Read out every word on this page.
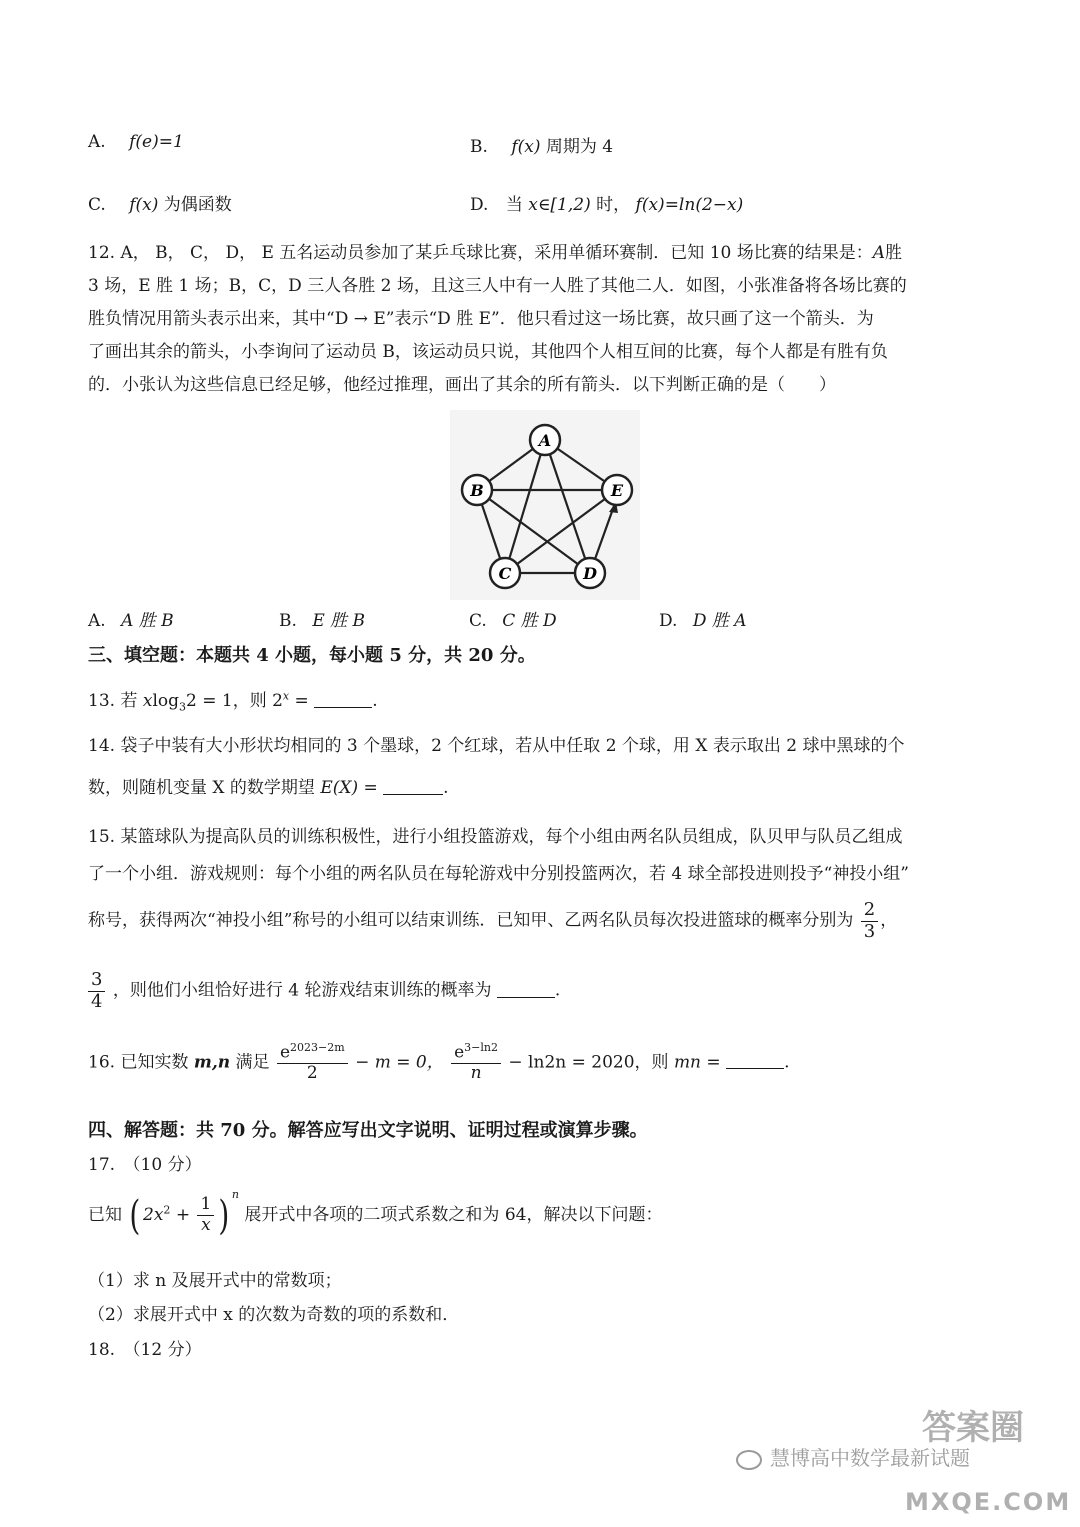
A. f(e)=1	B. f(x) 周期为 4
C. f(x) 为偶函数	D. 当 x∈[1,2) 时， f(x)=ln(2−x)
12. A， B， C， D， E 五名运动员参加了某乒乓球比赛，采用单循环赛制．已知 10 场比赛的结果是：A胜
3 场，E 胜 1 场；B，C，D 三人各胜 2 场，且这三人中有一人胜了其他二人．如图，小张准备将各场比赛的
胜负情况用箭头表示出来，其中“D → E”表示“D 胜 E”．他只看过这一场比赛，故只画了这一个箭头．为
了画出其余的箭头，小李询问了运动员 B，该运动员只说，其他四个人相互间的比赛，每个人都是有胜有负
的．小张认为这些信息已经足够，他经过推理，画出了其余的所有箭头．以下判断正确的是（　　）
A
B	E
C	D
A. A 胜 B	B. E 胜 B	C. C 胜 D	D. D 胜 A
三、填空题：本题共 4 小题，每小题 5 分，共 20 分。
13. 若 xlog$_3$2 = 1，则 $2^x$ =	.
14. 袋子中装有大小形状均相同的 3 个墨球，2 个红球，若从中任取 2 个球，用 X 表示取出 2 球中黑球的个
数，则随机变量 X 的数学期望 E(X) =	.
15. 某篮球队为提高队员的训练积极性，进行小组投篮游戏，每个小组由两名队员组成，队贝甲与队员乙组成
了一个小组．游戏规则：每个小组的两名队员在每轮游戏中分别投篮两次，若 4 球全部投进则投予“神投小组”
称号，获得两次“神投小组”称号的小组可以结束训练．已知甲、乙两名队员每次投进篮球的概率分别为 $\frac{2}{3}$ ，
$\frac{3}{4}$ ，则他们小组恰好进行 4 轮游戏结束训练的概率为	.
16. 已知实数 m,n 满足 $\frac{e^{2023-2m}}{2} - m = 0$， $\frac{e^{3-ln2}}{n} - \ln 2n = 2020$，则 mn =	.
四、解答题：共 70 分。解答应写出文字说明、证明过程或演算步骤。
17.　（10 分）
已知 ( $2x^2 + \frac{1}{x}$ ) $^n$ 展开式中各项的二项式系数之和为 64，解决以下问题：
（1）求 n 及展开式中的常数项；
（2）求展开式中 x 的次数为奇数的项的系数和．
18.　（12 分）
慧博高中数学最新试题
答案圈
MXQE.COM
